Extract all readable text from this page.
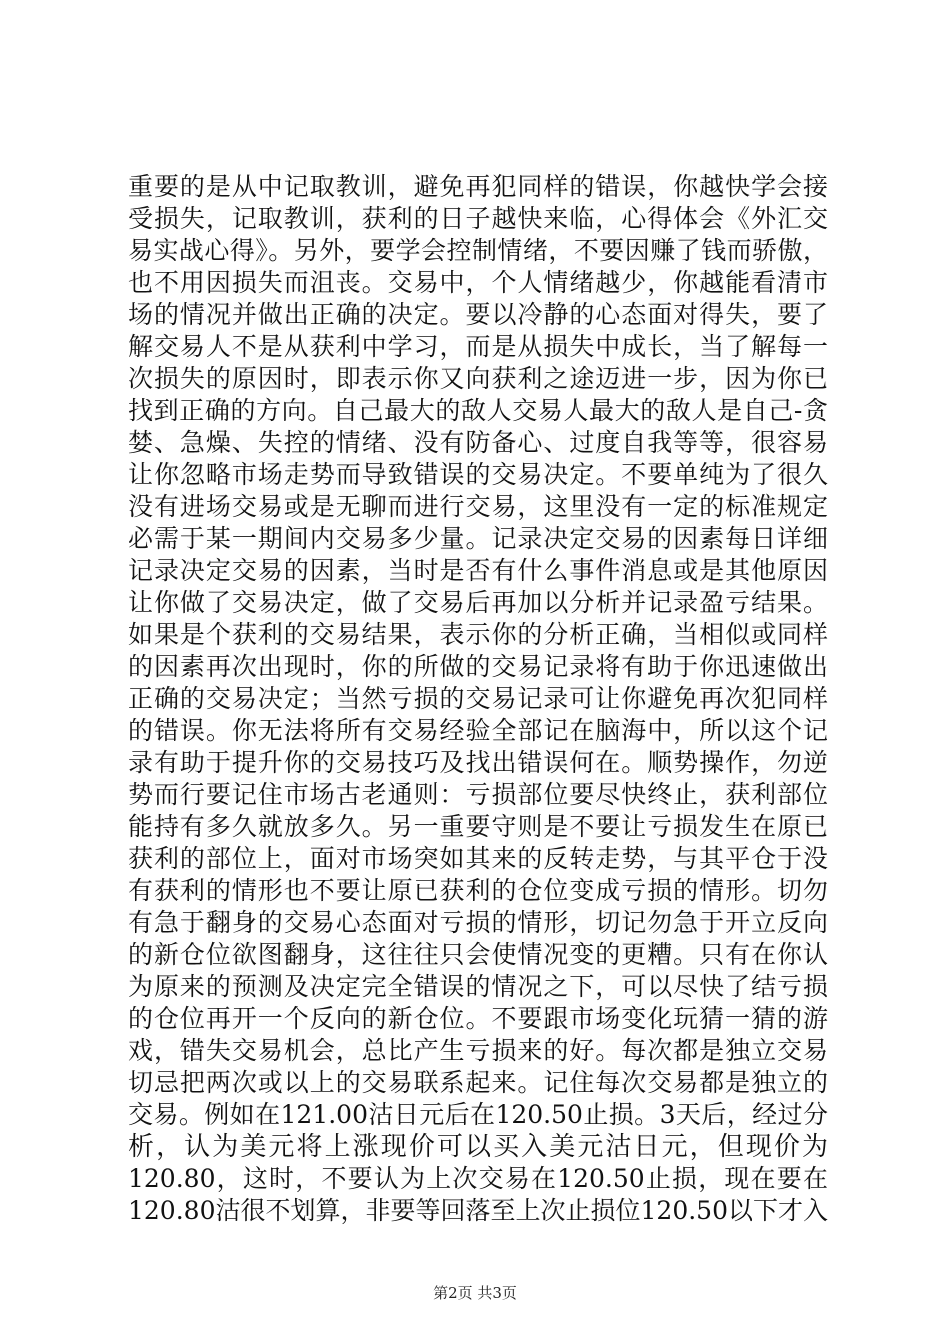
重要的是从中记取教训，避免再犯同样的错误，你越快学会接
受损失，记取教训，获利的日子越快来临，心得体会《外汇交
易实战心得》。另外，要学会控制情绪，不要因赚了钱而骄傲，
也不用因损失而沮丧。交易中，个人情绪越少，你越能看清市
场的情况并做出正确的决定。要以冷静的心态面对得失，要了
解交易人不是从获利中学习，而是从损失中成长，当了解每一
次损失的原因时，即表示你又向获利之途迈进一步，因为你已
找到正确的方向。自己最大的敌人交易人最大的敌人是自己-贪
婪、急燥、失控的情绪、没有防备心、过度自我等等，很容易
让你忽略市场走势而导致错误的交易决定。不要单纯为了很久
没有进场交易或是无聊而进行交易，这里没有一定的标准规定
必需于某一期间内交易多少量。记录决定交易的因素每日详细
记录决定交易的因素，当时是否有什么事件消息或是其他原因
让你做了交易决定，做了交易后再加以分析并记录盈亏结果。
如果是个获利的交易结果，表示你的分析正确，当相似或同样
的因素再次出现时，你的所做的交易记录将有助于你迅速做出
正确的交易决定；当然亏损的交易记录可让你避免再次犯同样
的错误。你无法将所有交易经验全部记在脑海中，所以这个记
录有助于提升你的交易技巧及找出错误何在。顺势操作，勿逆
势而行要记住市场古老通则：亏损部位要尽快终止，获利部位
能持有多久就放多久。另一重要守则是不要让亏损发生在原已
获利的部位上，面对市场突如其来的反转走势，与其平仓于没
有获利的情形也不要让原已获利的仓位变成亏损的情形。切勿
有急于翻身的交易心态面对亏损的情形，切记勿急于开立反向
的新仓位欲图翻身，这往往只会使情况变的更糟。只有在你认
为原来的预测及决定完全错误的情况之下，可以尽快了结亏损
的仓位再开一个反向的新仓位。不要跟市场变化玩猜一猜的游
戏，错失交易机会，总比产生亏损来的好。每次都是独立交易
切忌把两次或以上的交易联系起来。记住每次交易都是独立的
交易。例如在121.00沽日元后在120.50止损。3天后，经过分
析，认为美元将上涨现价可以买入美元沽日元，但现价为
120.80，这时，不要认为上次交易在120.50止损，现在要在
120.80沽很不划算，非要等回落至上次止损位120.50以下才入
第2页 共3页
